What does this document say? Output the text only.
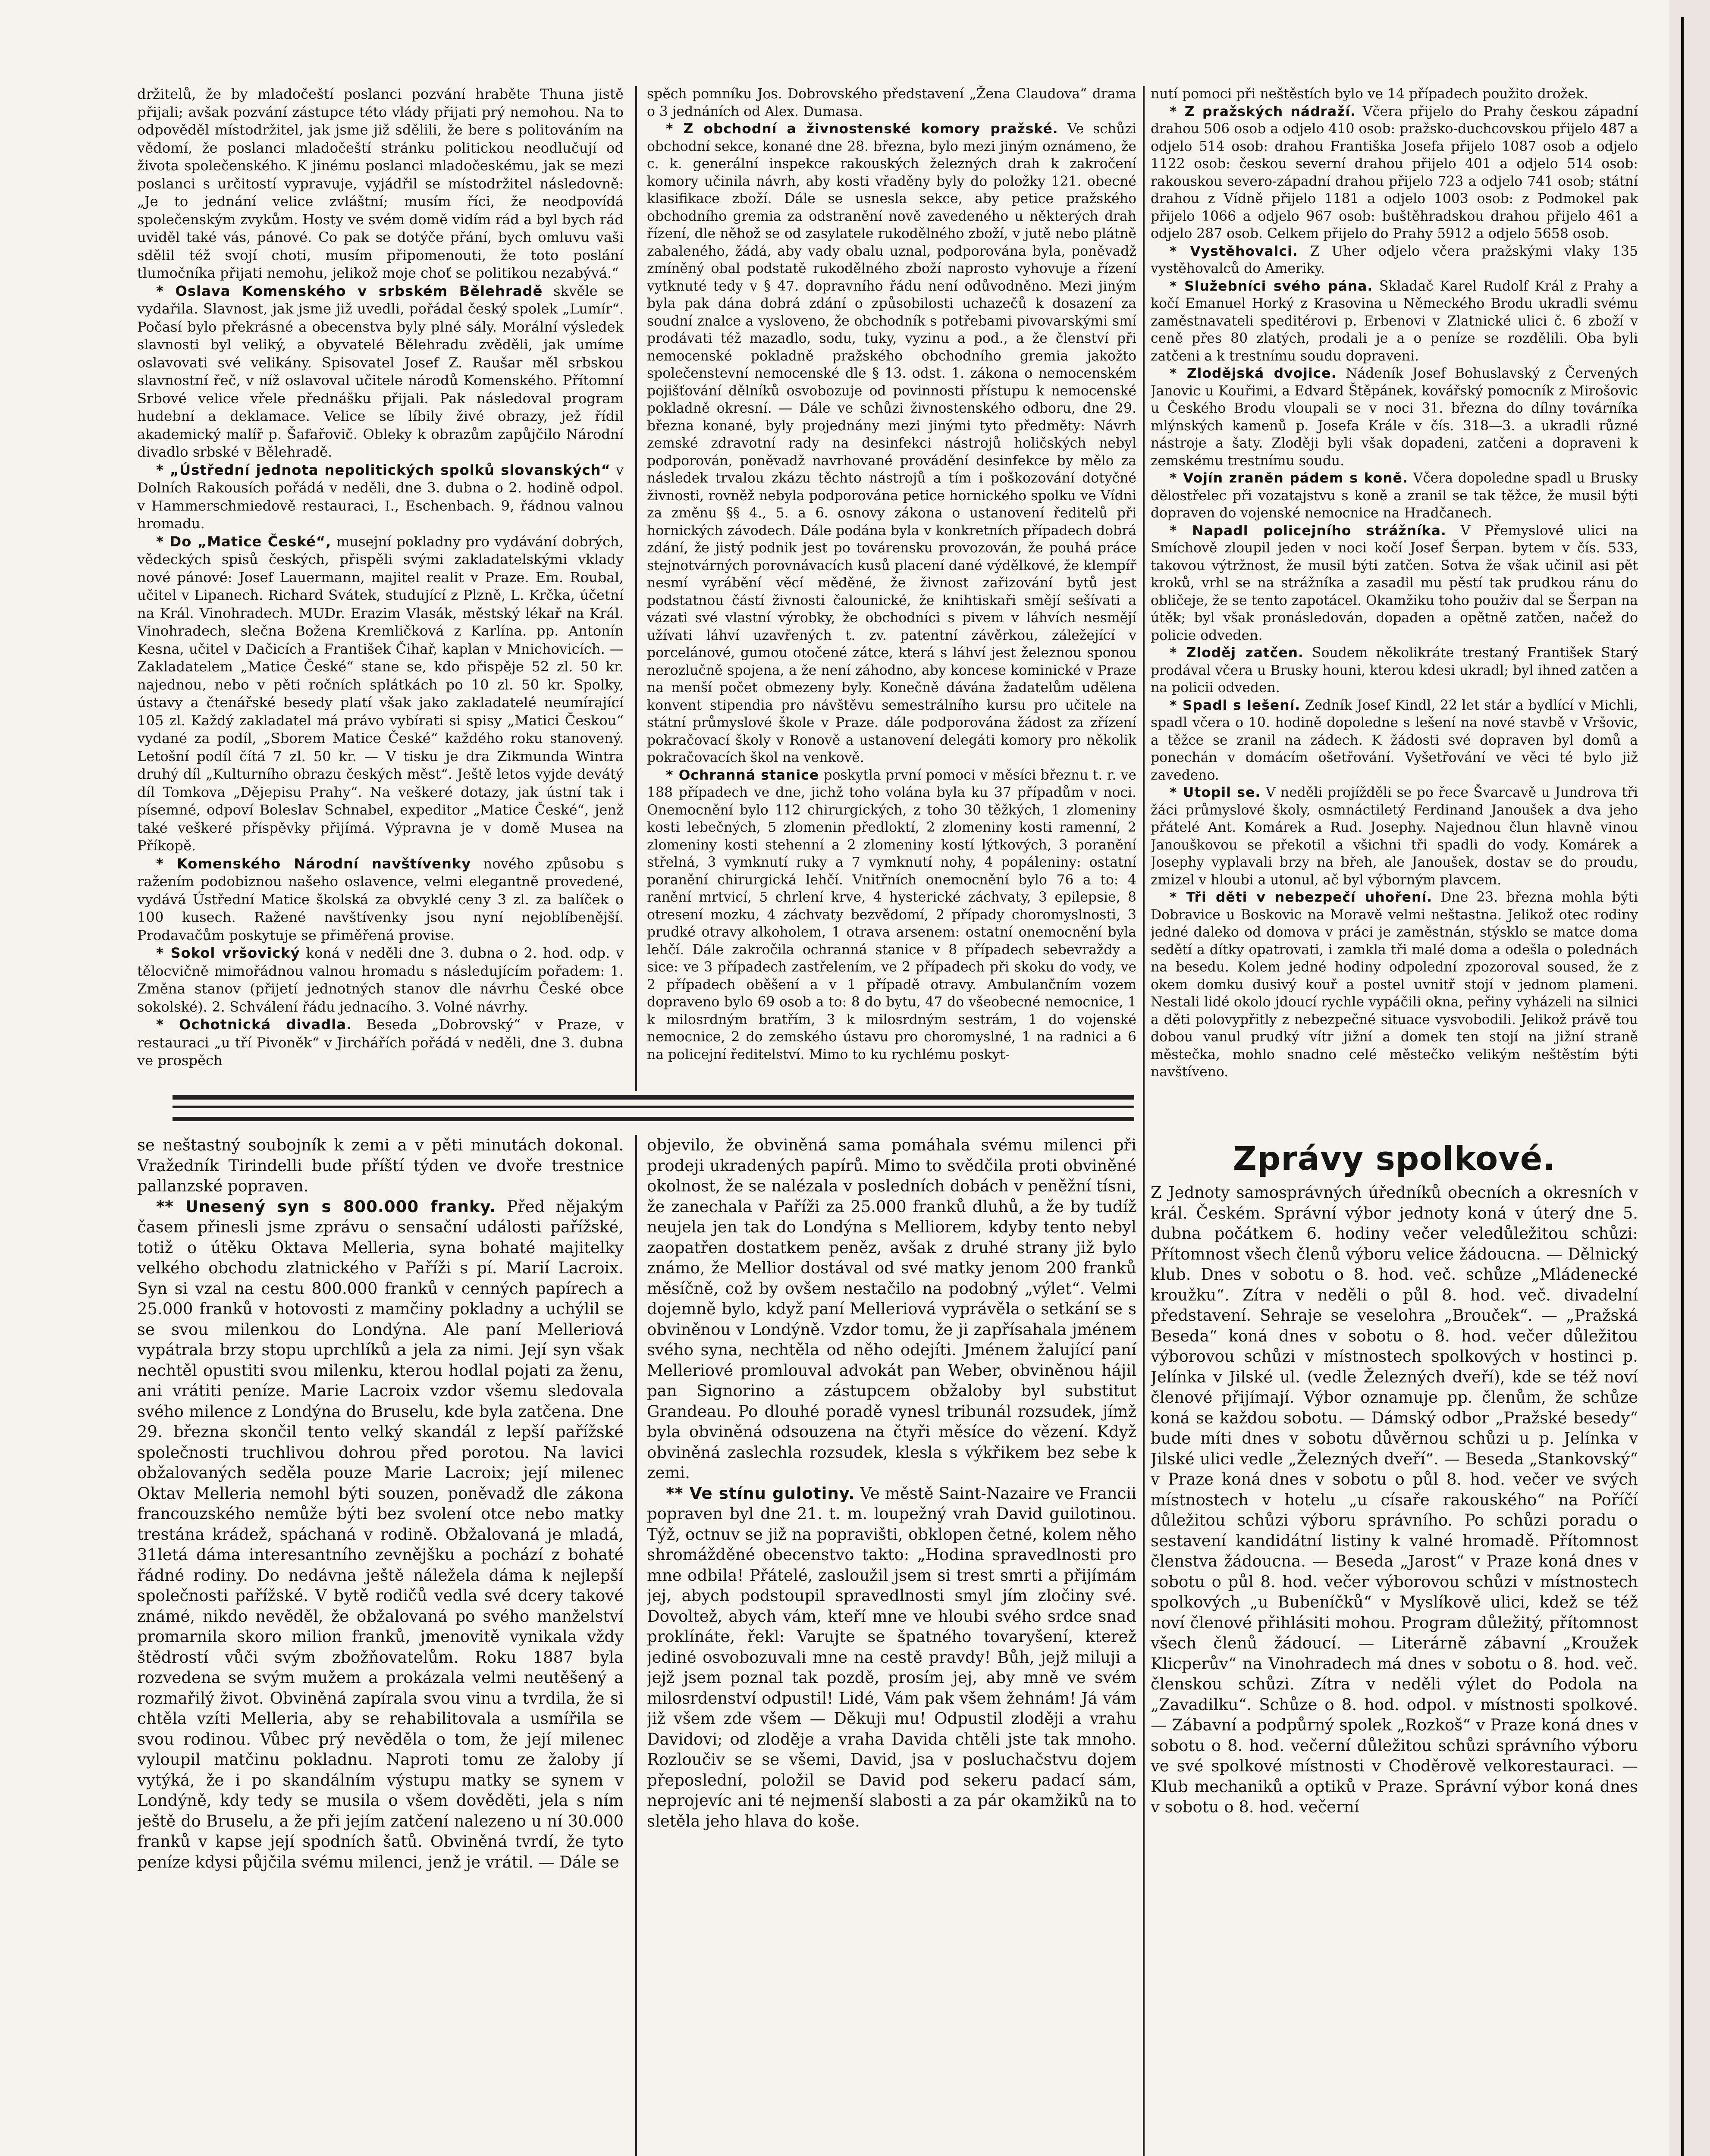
držitelů, že by mladočeští poslanci pozvání hraběte Thuna jistě přijali; avšak pozvání zástupce této vlády přijati prý nemohou. Na to odpověděl místodržitel, jak jsme již sdělili, že bere s politováním na vědomí, že poslanci mladočeští stránku politickou neodlučují od života společenského. K jinému poslanci mladočeskému, jak se mezi poslanci s určitostí vypravuje, vyjádřil se místodržitel následovně: „Je to jednání velice zvláštní; musím říci, že neodpovídá společenským zvykům. Hosty ve svém domě vidím rád a byl bych rád uviděl také vás, pánové. Co pak se dotýče přání, bych omluvu vaši sdělil též svojí choti, musím připomenouti, že toto poslání tlumočníka přijati nemohu, jelikož moje choť se politikou nezabývá.“

* Oslava Komenského v srbském Bělehradě skvěle se vydařila. Slavnost, jak jsme již uvedli, pořádal český spolek „Lumír“. Počasí bylo překrásné a obecenstva byly plné sály. Morální výsledek slavnosti byl veliký, a obyvatelé Bělehradu zvěděli, jak umíme oslavovati své velikány. Spisovatel Josef Z. Raušar měl srbskou slavnostní řeč, v níž oslavoval učitele národů Komenského. Přítomní Srbové velice vřele přednášku přijali. Pak následoval program hudební a deklamace. Velice se líbily živé obrazy, jež řídil akademický malíř p. Šafařovič. Obleky k obrazům zapůjčilo Národní divadlo srbské v Bělehradě.

* „Ústřední jednota nepolitických spolků slovanských“ v Dolních Rakousích pořádá v neděli, dne 3. dubna o 2. hodině odpol. v Hammerschmiedově restauraci, I., Eschenbach. 9, řádnou valnou hromadu.

* Do „Matice České“, musejní pokladny pro vydávání dobrých, vědeckých spisů českých, přispěli svými zakladatelskými vklady nové pánové: Josef Lauermann, majitel realit v Praze. Em. Roubal, učitel v Lipanech. Richard Svátek, studující z Plzně, L. Krčka, účetní na Král. Vinohradech. MUDr. Erazim Vlasák, městský lékař na Král. Vinohradech, slečna Božena Kremličková z Karlína. pp. Antonín Kesna, učitel v Dačicích a František Čihař, kaplan v Mnichovicích. — Zakladatelem „Matice České“ stane se, kdo přispěje 52 zl. 50 kr. najednou, nebo v pěti ročních splátkách po 10 zl. 50 kr. Spolky, ústavy a čtenářské besedy platí však jako zakladatelé neumírající 105 zl. Každý zakladatel má právo vybírati si spisy „Matici Českou“ vydané za podíl, „Sborem Matice České“ každého roku stanovený. Letošní podíl čítá 7 zl. 50 kr. — V tisku je dra Zikmunda Wintra druhý díl „Kulturního obrazu českých měst“. Ještě letos vyjde devátý díl Tomkova „Dějepisu Prahy“. Na veškeré dotazy, jak ústní tak i písemné, odpoví Boleslav Schnabel, expeditor „Matice České“, jenž také veškeré příspěvky přijímá. Výpravna je v domě Musea na Příkopě.

* Komenského Národní navštívenky nového způsobu s ražením podobiznou našeho oslavence, velmi elegantně provedené, vydává Ústřední Matice školská za obvyklé ceny 3 zl. za balíček o 100 kusech. Ražené navštívenky jsou nyní nejoblíbenější. Prodavačům poskytuje se přiměřená provise.

* Sokol vršovický koná v neděli dne 3. dubna o 2. hod. odp. v tělocvičně mimořádnou valnou hromadu s následujícím pořadem: 1. Změna stanov (přijetí jednotných stanov dle návrhu České obce sokolské). 2. Schválení řádu jednacího. 3. Volné návrhy.

* Ochotnická divadla. Beseda „Dobrovský“ v Praze, v restauraci „u tří Pivoněk“ v Jirchářích pořádá v neděli, dne 3. dubna ve prospěch

spěch pomníku Jos. Dobrovského představení „Žena Claudova“ drama o 3 jednáních od Alex. Dumasa.

* Z obchodní a živnostenské komory pražské. Ve schůzi obchodní sekce, konané dne 28. března, bylo mezi jiným oznámeno, že c. k. generální inspekce rakouských železných drah k zakročení komory učinila návrh, aby kosti vřaděny byly do položky 121. obecné klasifikace zboží. Dále se usnesla sekce, aby petice pražského obchodního gremia za odstranění nově zavedeného u některých drah řízení, dle něhož se od zasylatele rukodělného zboží, v jutě nebo plátně zabaleného, žádá, aby vady obalu uznal, podporována byla, poněvadž zmíněný obal podstatě rukodělného zboží naprosto vyhovuje a řízení vytknuté tedy v § 47. dopravního řádu není odůvodněno. Mezi jiným byla pak dána dobrá zdání o způsobilosti uchazečů k dosazení za soudní znalce a vysloveno, že obchodník s potřebami pivovarskými smí prodávati též mazadlo, sodu, tuky, vyzinu a pod., a že členství při nemocenské pokladně pražského obchodního gremia jakožto společenstevní nemocenské dle § 13. odst. 1. zákona o nemocenském pojišťování dělníků osvobozuje od povinnosti přístupu k nemocenské pokladně okresní. — Dále ve schůzi živnostenského odboru, dne 29. března konané, byly projednány mezi jinými tyto předměty: Návrh zemské zdravotní rady na desinfekci nástrojů holičských nebyl podporován, poněvadž navrhované provádění desinfekce by mělo za následek trvalou zkázu těchto nástrojů a tím i poškozování dotyčné živnosti, rovněž nebyla podporována petice hornického spolku ve Vídni za změnu §§ 4., 5. a 6. osnovy zákona o ustanovení ředitelů při hornických závodech. Dále podána byla v konkretních případech dobrá zdání, že jistý podnik jest po továrensku provozován, že pouhá práce stejnotvárných porovnávacích kusů placení dané výdělkové, že klempíř nesmí vyrábění věcí měděné, že živnost zařizování bytů jest podstatnou částí živnosti čalounické, že knihtiskaři smějí sešívati a vázati své vlastní výrobky, že obchodníci s pivem v láhvích nesmějí užívati láhví uzavřených t. zv. patentní závěrkou, záležející v porcelánové, gumou otočené zátce, která s láhví jest železnou sponou nerozlučně spojena, a že není záhodno, aby koncese kominické v Praze na menší počet obmezeny byly. Konečně dávána žadatelům udělena konvent stipendia pro návštěvu semestrálního kursu pro učitele na státní průmyslové škole v Praze. dále podporována žádost za zřízení pokračovací školy v Ronově a ustanovení delegáti komory pro několik pokračovacích škol na venkově.

* Ochranná stanice poskytla první pomoci v měsíci březnu t. r. ve 188 případech ve dne, jichž toho volána byla ku 37 případům v noci. Onemocnění bylo 112 chirurgických, z toho 30 těžkých, 1 zlomeniny kosti lebečných, 5 zlomenin předloktí, 2 zlomeniny kosti ramenní, 2 zlomeniny kosti stehenní a 2 zlomeniny kostí lýtkových, 3 poranění střelná, 3 vymknutí ruky a 7 vymknutí nohy, 4 popáleniny: ostatní poranění chirurgická lehčí. Vnitřních onemocnění bylo 76 a to: 4 ranění mrtvicí, 5 chrlení krve, 4 hysterické záchvaty, 3 epilepsie, 8 otresení mozku, 4 záchvaty bezvědomí, 2 případy choromyslnosti, 3 prudké otravy alkoholem, 1 otrava arsenem: ostatní onemocnění byla lehčí. Dále zakročila ochranná stanice v 8 případech sebevraždy a sice: ve 3 případech zastřelením, ve 2 případech při skoku do vody, ve 2 případech oběšení a v 1 případě otravy. Ambulančním vozem dopraveno bylo 69 osob a to: 8 do bytu, 47 do všeobecné nemocnice, 1 k milosrdným bratřím, 3 k milosrdným sestrám, 1 do vojenské nemocnice, 2 do zemského ústavu pro choromyslné, 1 na radnici a 6 na policejní ředitelství. Mimo to ku rychlému poskyt-

nutí pomoci při neštěstích bylo ve 14 případech použito drožek.

* Z pražských nádraží. Včera přijelo do Prahy českou západní drahou 506 osob a odjelo 410 osob: pražsko-duchcovskou přijelo 487 a odjelo 514 osob: drahou Františka Josefa přijelo 1087 osob a odjelo 1122 osob: českou severní drahou přijelo 401 a odjelo 514 osob: rakouskou severo-západní drahou přijelo 723 a odjelo 741 osob; státní drahou z Vídně přijelo 1181 a odjelo 1003 osob: z Podmokel pak přijelo 1066 a odjelo 967 osob: buštěhradskou drahou přijelo 461 a odjelo 287 osob. Celkem přijelo do Prahy 5912 a odjelo 5658 osob.

* Vystěhovalci. Z Uher odjelo včera pražskými vlaky 135 vystěhovalců do Ameriky.

* Služebníci svého pána. Skladač Karel Rudolf Král z Prahy a kočí Emanuel Horký z Krasovina u Německého Brodu ukradli svému zaměstnavateli speditérovi p. Erbenovi v Zlatnické ulici č. 6 zboží v ceně přes 80 zlatých, prodali je a o peníze se rozdělili. Oba byli zatčeni a k trestnímu soudu dopraveni.

* Zlodějská dvojice. Nádeník Josef Bohuslavský z Červených Janovic u Kouřimi, a Edvard Štěpánek, kovářský pomocník z Mirošovic u Českého Brodu vloupali se v noci 31. března do dílny továrníka mlýnských kamenů p. Josefa Krále v čís. 318—3. a ukradli různé nástroje a šaty. Zloději byli však dopadeni, zatčeni a dopraveni k zemskému trestnímu soudu.

* Vojín zraněn pádem s koně. Včera dopoledne spadl u Brusky dělostřelec při vozatajstvu s koně a zranil se tak těžce, že musil býti dopraven do vojenské nemocnice na Hradčanech.

* Napadl policejního strážníka. V Přemyslové ulici na Smíchově zloupil jeden v noci kočí Josef Šerpan. bytem v čís. 533, takovou výtržnost, že musil býti zatčen. Sotva že však učinil asi pět kroků, vrhl se na strážníka a zasadil mu pěstí tak prudkou ránu do obličeje, že se tento zapotácel. Okamžiku toho použiv dal se Šerpan na útěk; byl však pronásledován, dopaden a opětně zatčen, načež do policie odveden.

* Zloděj zatčen. Soudem několikráte trestaný František Starý prodával včera u Brusky houni, kterou kdesi ukradl; byl ihned zatčen a na policii odveden.

* Spadl s lešení. Zedník Josef Kindl, 22 let stár a bydlící v Michli, spadl včera o 10. hodině dopoledne s lešení na nové stavbě v Vršovic, a těžce se zranil na zádech. K žádosti své dopraven byl domů a ponechán v domácím ošetřování. Vyšetřování ve věci té bylo již zavedeno.

* Utopil se. V neděli projížděli se po řece Švarcavě u Jundrova tři žáci průmyslové školy, osmnáctiletý Ferdinand Janoušek a dva jeho přátelé Ant. Komárek a Rud. Josephy. Najednou člun hlavně vinou Janouškovou se překotil a všichni tři spadli do vody. Komárek a Josephy vyplavali brzy na břeh, ale Janoušek, dostav se do proudu, zmizel v hloubi a utonul, ač byl výborným plavcem.

* Tři děti v nebezpečí uhoření. Dne 23. března mohla býti Dobravice u Boskovic na Moravě velmi neštastna. Jelikož otec rodiny jedné daleko od domova v práci je zaměstnán, stýsklo se matce doma sedětí a dítky opatrovati, i zamkla tři malé doma a odešla o polednách na besedu. Kolem jedné hodiny odpolední zpozoroval soused, že z okem domku dusivý kouř a postel uvnitř stojí v jednom plameni. Nestali lidé okolo jdoucí rychle vypáčili okna, peřiny vyházeli na silnici a děti polovypřitly z nebezpečné situace vysvobodili. Jelikož právě tou dobou vanul prudký vítr jižní a domek ten stojí na jižní straně městečka, mohlo snadno celé městečko velikým neštěstím býti navštíveno.

se neštastný soubojník k zemi a v pěti minutách dokonal. Vražedník Tirindelli bude příští týden ve dvoře trestnice pallanzské popraven.

** Unesený syn s 800.000 franky. Před nějakým časem přinesli jsme zprávu o sensační události pařížské, totiž o útěku Oktava Melleria, syna bohaté majitelky velkého obchodu zlatnického v Paříži s pí. Marií Lacroix. Syn si vzal na cestu 800.000 franků v cenných papírech a 25.000 franků v hotovosti z mamčiny pokladny a uchýlil se se svou milenkou do Londýna. Ale paní Melleriová vypátrala brzy stopu uprchlíků a jela za nimi. Její syn však nechtěl opustiti svou milenku, kterou hodlal pojati za ženu, ani vrátiti peníze. Marie Lacroix vzdor všemu sledovala svého milence z Londýna do Bruselu, kde byla zatčena. Dne 29. března skončil tento velký skandál z lepší pařížské společnosti truchlivou dohrou před porotou. Na lavici obžalovaných seděla pouze Marie Lacroix; její milenec Oktav Melleria nemohl býti souzen, poněvadž dle zákona francouzského nemůže býti bez svolení otce nebo matky trestána krádež, spáchaná v rodině. Obžalovaná je mladá, 31letá dáma interesantního zevnějšku a pochází z bohaté řádné rodiny. Do nedávna ještě náležela dáma k nejlepší společnosti pařížské. V bytě rodičů vedla své dcery takové známé, nikdo nevěděl, že obžalovaná po svého manželství promarnila skoro milion franků, jmenovitě vynikala vždy štědrostí vůči svým zbožňovatelům. Roku 1887 byla rozvedena se svým mužem a prokázala velmi neutěšený a rozmařilý život. Obviněná zapírala svou vinu a tvrdila, že si chtěla vzíti Melleria, aby se rehabilitovala a usmířila se svou rodinou. Vůbec prý nevěděla o tom, že její milenec vyloupil matčinu pokladnu. Naproti tomu ze žaloby jí vytýká, že i po skandálním výstupu matky se synem v Londýně, kdy tedy se musila o všem dověděti, jela s ním ještě do Bruselu, a že při jejím zatčení nalezeno u ní 30.000 franků v kapse její spodních šatů. Obviněná tvrdí, že tyto peníze kdysi půjčila svému milenci, jenž je vrátil. — Dále se

objevilo, že obviněná sama pomáhala svému milenci při prodeji ukradených papírů. Mimo to svědčila proti obviněné okolnost, že se nalézala v posledních dobách v peněžní tísni, že zanechala v Paříži za 25.000 franků dluhů, a že by tudíž neujela jen tak do Londýna s Melliorem, kdyby tento nebyl zaopatřen dostatkem peněz, avšak z druhé strany již bylo známo, že Mellior dostával od své matky jenom 200 franků měsíčně, což by ovšem nestačilo na podobný „výlet“. Velmi dojemně bylo, když paní Melleriová vyprávěla o setkání se s obviněnou v Londýně. Vzdor tomu, že ji zapřísahala jménem svého syna, nechtěla od něho odejíti. Jménem žalující paní Melleriové promlouval advokát pan Weber, obviněnou hájil pan Signorino a zástupcem obžaloby byl substitut Grandeau. Po dlouhé poradě vynesl tribunál rozsudek, jímž byla obviněná odsouzena na čtyři měsíce do vězení. Když obviněná zaslechla rozsudek, klesla s výkřikem bez sebe k zemi.

** Ve stínu gulotiny. Ve městě Saint-Nazaire ve Francii popraven byl dne 21. t. m. loupežný vrah David guilotinou. Týž, octnuv se již na popravišti, obklopen četné, kolem něho shromážděné obecenstvo takto: „Hodina spravedlnosti pro mne odbila! Přátelé, zasloužil jsem si trest smrti a přijímám jej, abych podstoupil spravedlnosti smyl jím zločiny své. Dovoltež, abych vám, kteří mne ve hloubi svého srdce snad proklínáte, řekl: Varujte se špatného tovaryšení, kterež jediné osvobozuvali mne na cestě pravdy! Bůh, jejž miluji a jejž jsem poznal tak pozdě, prosím jej, aby mně ve svém milosrdenství odpustil! Lidé, Vám pak všem žehnám! Já vám již všem zde všem — Děkuji mu! Odpustil zloději a vrahu Davidovi; od zloděje a vraha Davida chtěli jste tak mnoho. Rozloučiv se se všemi, David, jsa v posluchačstvu dojem přeposlední, položil se David pod sekeru padací sám, neprojevíc ani té nejmenší slabosti a za pár okamžiků na to sletěla jeho hlava do koše.

Zprávy spolkové.

Z Jednoty samosprávných úředníků obecních a okresních v král. Českém. Správní výbor jednoty koná v úterý dne 5. dubna počátkem 6. hodiny večer veledůležitou schůzi: Přítomnost všech členů výboru velice žádoucna. — Dělnický klub. Dnes v sobotu o 8. hod. več. schůze „Mládenecké kroužku“. Zítra v neděli o půl 8. hod. več. divadelní představení. Sehraje se veselohra „Brouček“. — „Pražská Beseda“ koná dnes v sobotu o 8. hod. večer důležitou výborovou schůzi v místnostech spolkových v hostinci p. Jelínka v Jilské ul. (vedle Železných dveří), kde se též noví členové přijímají. Výbor oznamuje pp. členům, že schůze koná se každou sobotu. — Dámský odbor „Pražské besedy“ bude míti dnes v sobotu důvěrnou schůzi u p. Jelínka v Jilské ulici vedle „Železných dveří“. — Beseda „Stankovský“ v Praze koná dnes v sobotu o půl 8. hod. večer ve svých místnostech v hotelu „u císaře rakouského“ na Poříčí důležitou schůzi výboru správního. Po schůzi poradu o sestavení kandidátní listiny k valné hromadě. Přítomnost členstva žádoucna. — Beseda „Jarost“ v Praze koná dnes v sobotu o půl 8. hod. večer výborovou schůzi v místnostech spolkových „u Bubeníčků“ v Myslíkově ulici, kdež se též noví členové přihlásiti mohou. Program důležitý, přítomnost všech členů žádoucí. — Literárně zábavní „Kroužek Klicperův“ na Vinohradech má dnes v sobotu o 8. hod. več. členskou schůzi. Zítra v neděli výlet do Podola na „Zavadilku“. Schůze o 8. hod. odpol. v místnosti spolkové. — Zábavní a podpůrný spolek „Rozkoš“ v Praze koná dnes v sobotu o 8. hod. večerní důležitou schůzi správního výboru ve své spolkové místnosti v Choděrově velkorestauraci. — Klub mechaniků a optiků v Praze. Správní výbor koná dnes v sobotu o 8. hod. večerní
